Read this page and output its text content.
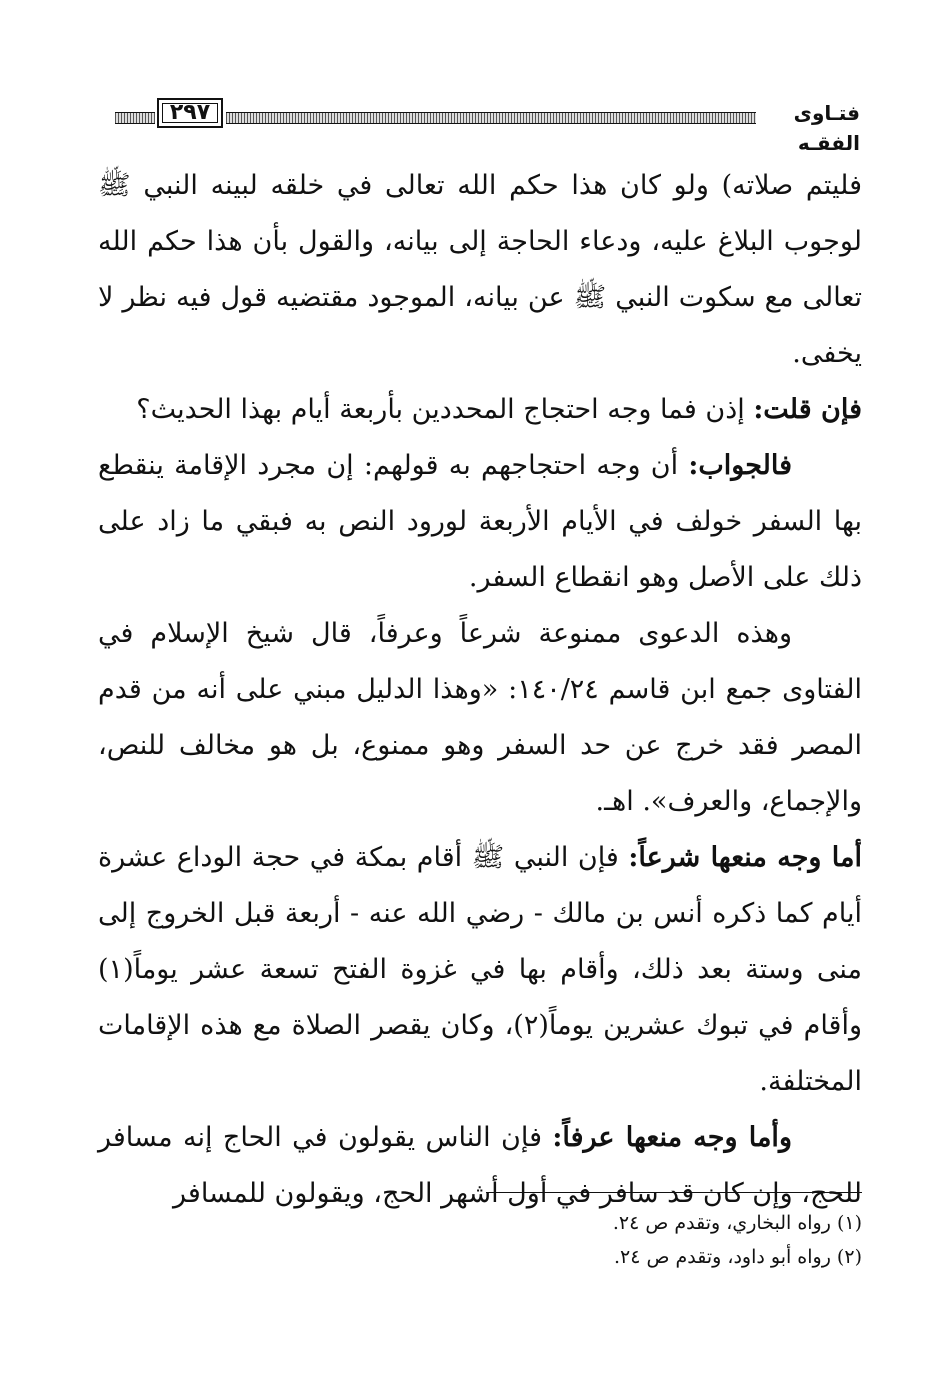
٢٩٧	فتـاوى الفقـه

فليتم صلاته) ولو كان هذا حكم الله تعالى في خلقه لبينه النبي ﷺ لوجوب البلاغ عليه، ودعاء الحاجة إلى بيانه، والقول بأن هذا حكم الله تعالى مع سكوت النبي ﷺ عن بيانه، الموجود مقتضيه قول فيه نظر لا يخفى.

فإن قلت: إذن فما وجه احتجاج المحددين بأربعة أيام بهذا الحديث؟

فالجواب: أن وجه احتجاجهم به قولهم: إن مجرد الإقامة ينقطع بها السفر خولف في الأيام الأربعة لورود النص به فبقي ما زاد على ذلك على الأصل وهو انقطاع السفر.

وهذه الدعوى ممنوعة شرعاً وعرفاً، قال شيخ الإسلام في الفتاوى جمع ابن قاسم ١٤٠/٢٤: «وهذا الدليل مبني على أنه من قدم المصر فقد خرج عن حد السفر وهو ممنوع، بل هو مخالف للنص، والإجماع، والعرف». اهـ.

أما وجه منعها شرعاً: فإن النبي ﷺ أقام بمكة في حجة الوداع عشرة أيام كما ذكره أنس بن مالك - رضي الله عنه - أربعة قبل الخروج إلى منى وستة بعد ذلك، وأقام بها في غزوة الفتح تسعة عشر يوماً(١) وأقام في تبوك عشرين يوماً(٢)، وكان يقصر الصلاة مع هذه الإقامات المختلفة.

وأما وجه منعها عرفاً: فإن الناس يقولون في الحاج إنه مسافر للحج، وإن كان قد سافر في أول أشهر الحج، ويقولون للمسافر

(١) رواه البخاري، وتقدم ص ٢٤.

(٢) رواه أبو داود، وتقدم ص ٢٤.
